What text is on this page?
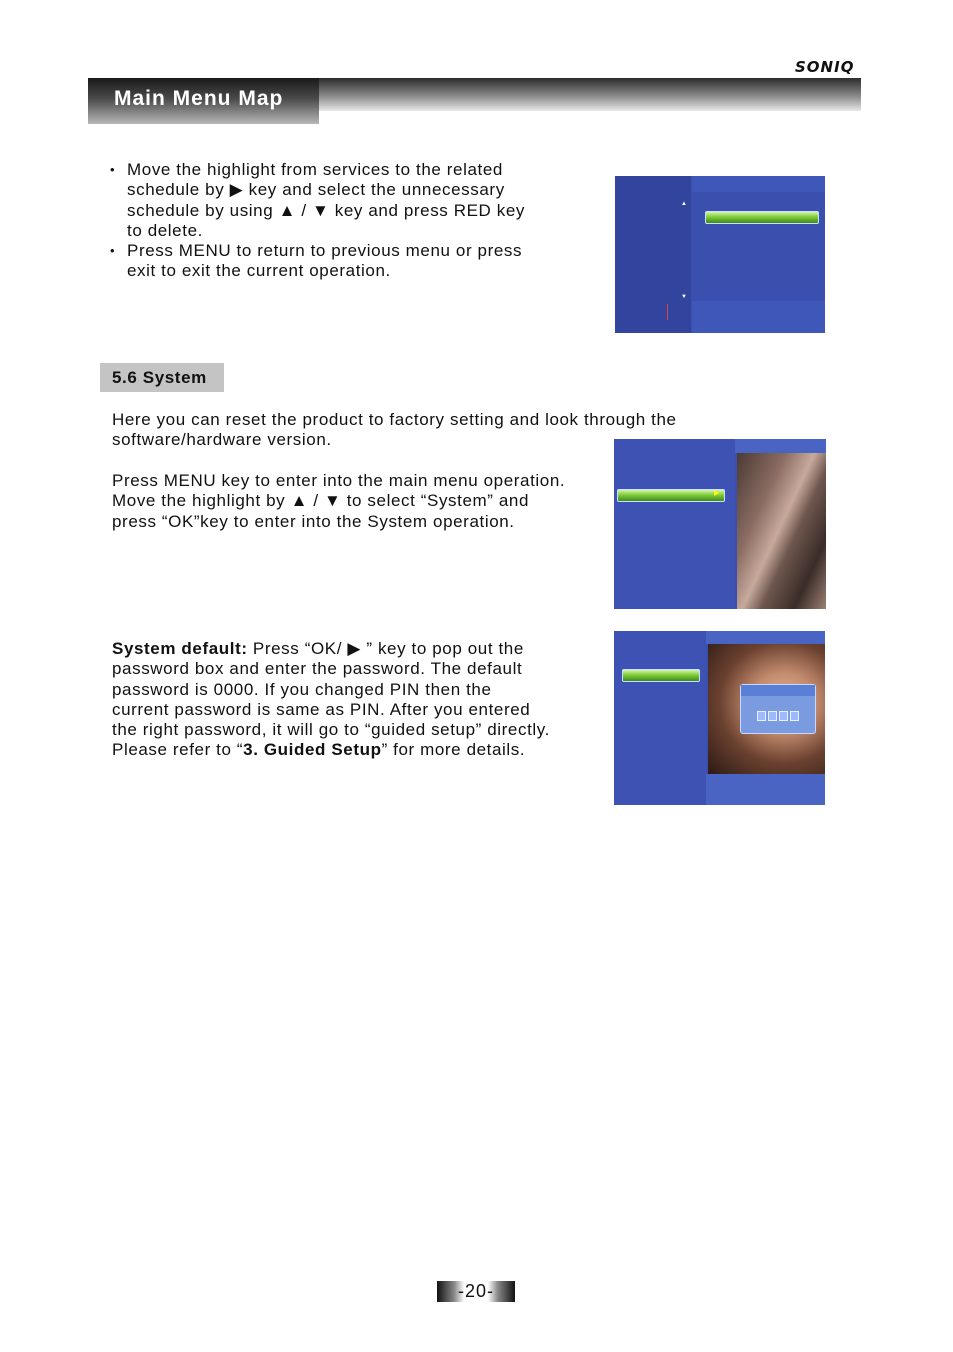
SONIQ
Main Menu Map
• Move the highlight from services to the related
schedule by ▶ key and select the unnecessary
schedule by using ▲ / ▼ key and press RED key
to delete.
• Press MENU to return to previous menu or press
exit to exit the current operation.
▲
▼
5.6 System
Here you can reset the product to factory setting and look through the
software/hardware version.
Press MENU key to enter into the main menu operation.
Move the highlight by ▲ / ▼ to select “System” and
press “OK”key to enter into the System operation.
▶
System default: Press “OK/ ▶ ” key to pop out the
password box and enter the password. The default
password is 0000. If you changed PIN then the
current password is same as PIN. After you entered
the right password, it will go to “guided setup” directly.
Please refer to “3. Guided Setup” for more details.
-20-
